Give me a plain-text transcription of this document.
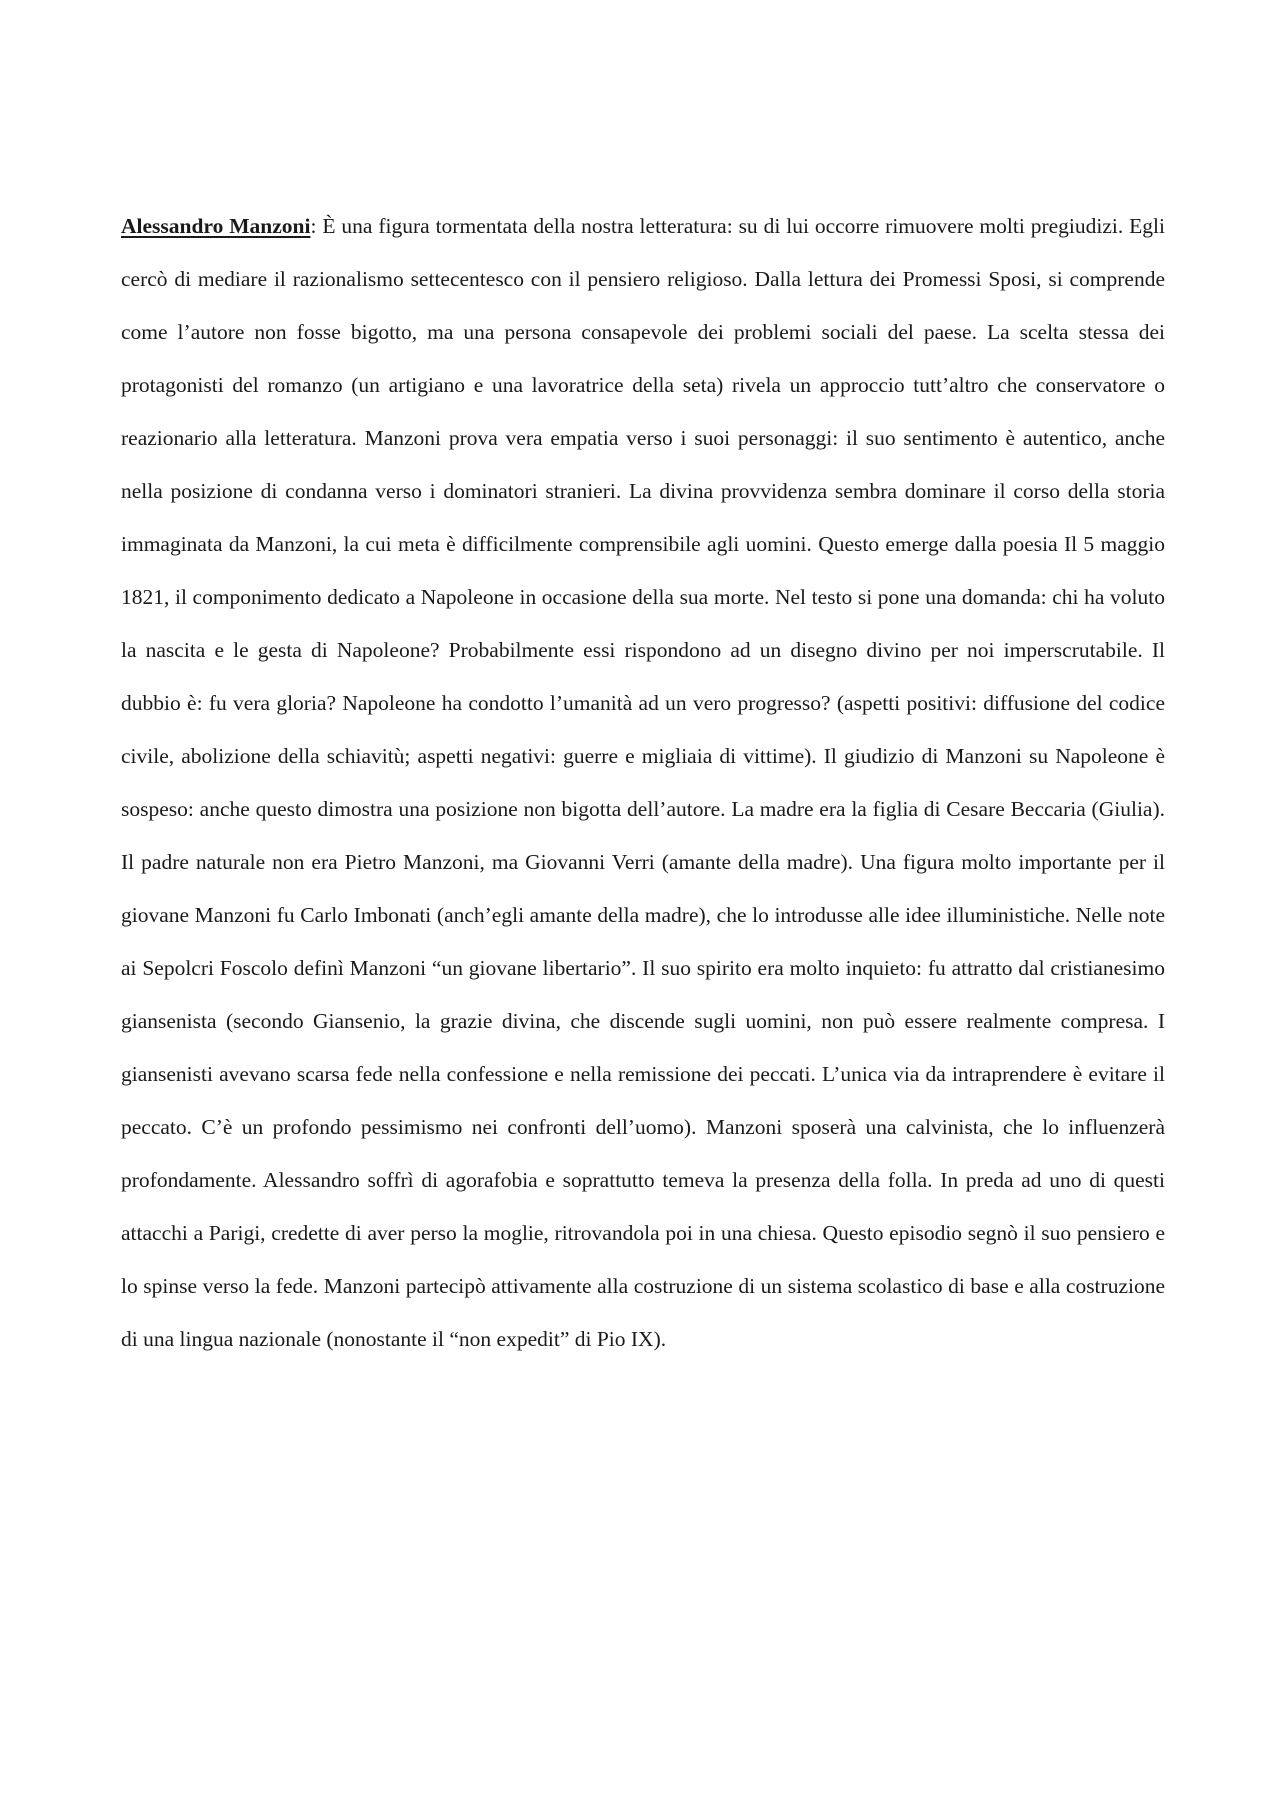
Alessandro Manzoni: È una figura tormentata della nostra letteratura: su di lui occorre rimuovere molti pregiudizi. Egli cercò di mediare il razionalismo settecentesco con il pensiero religioso. Dalla lettura dei Promessi Sposi, si comprende come l’autore non fosse bigotto, ma una persona consapevole dei problemi sociali del paese. La scelta stessa dei protagonisti del romanzo (un artigiano e una lavoratrice della seta) rivela un approccio tutt’altro che conservatore o reazionario alla letteratura. Manzoni prova vera empatia verso i suoi personaggi: il suo sentimento è autentico, anche nella posizione di condanna verso i dominatori stranieri. La divina provvidenza sembra dominare il corso della storia immaginata da Manzoni, la cui meta è difficilmente comprensibile agli uomini. Questo emerge dalla poesia Il 5 maggio 1821, il componimento dedicato a Napoleone in occasione della sua morte. Nel testo si pone una domanda: chi ha voluto la nascita e le gesta di Napoleone? Probabilmente essi rispondono ad un disegno divino per noi imperscrutabile. Il dubbio è: fu vera gloria? Napoleone ha condotto l’umanità ad un vero progresso? (aspetti positivi: diffusione del codice civile, abolizione della schiavitù; aspetti negativi: guerre e migliaia di vittime). Il giudizio di Manzoni su Napoleone è sospeso: anche questo dimostra una posizione non bigotta dell’autore. La madre era la figlia di Cesare Beccaria (Giulia). Il padre naturale non era Pietro Manzoni, ma Giovanni Verri (amante della madre). Una figura molto importante per il giovane Manzoni fu Carlo Imbonati (anch’egli amante della madre), che lo introdusse alle idee illuministiche. Nelle note ai Sepolcri Foscolo definì Manzoni “un giovane libertario”. Il suo spirito era molto inquieto: fu attratto dal cristianesimo giansenista (secondo Giansenio, la grazie divina, che discende sugli uomini, non può essere realmente compresa. I giansenisti avevano scarsa fede nella confessione e nella remissione dei peccati. L’unica via da intraprendere è evitare il peccato. C’è un profondo pessimismo nei confronti dell’uomo). Manzoni sposerà una calvinista, che lo influenzerà profondamente. Alessandro soffrì di agorafobia e soprattutto temeva la presenza della folla. In preda ad uno di questi attacchi a Parigi, credette di aver perso la moglie, ritrovandola poi in una chiesa. Questo episodio segnò il suo pensiero e lo spinse verso la fede. Manzoni partecipò attivamente alla costruzione di un sistema scolastico di base e alla costruzione di una lingua nazionale (nonostante il “non expedit” di Pio IX).
